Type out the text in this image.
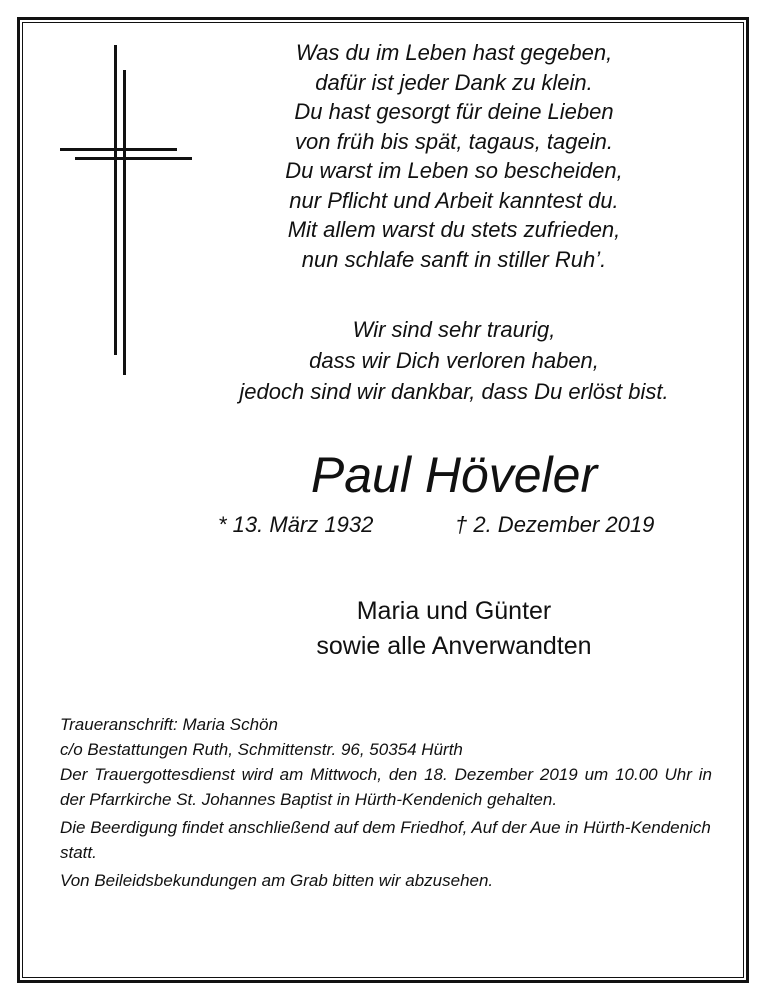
Was du im Leben hast gegeben,
dafür ist jeder Dank zu klein.
Du hast gesorgt für deine Lieben
von früh bis spät, tagaus, tagein.
Du warst im Leben so bescheiden,
nur Pflicht und Arbeit kanntest du.
Mit allem warst du stets zufrieden,
nun schlafe sanft in stiller Ruh’.
Wir sind sehr traurig,
dass wir Dich verloren haben,
jedoch sind wir dankbar, dass Du erlöst bist.
Paul Höveler
* 13. März 1932	† 2. Dezember 2019
Maria und Günter
sowie alle Anverwandten

Traueranschrift: Maria Schön
c/o Bestattungen Ruth, Schmittenstr. 96, 50354 Hürth

Der Trauergottesdienst wird am Mittwoch, den 18. Dezember 2019 um 10.00 Uhr in der Pfarrkirche St. Johannes Baptist in Hürth-Kendenich gehalten.

Die Beerdigung findet anschließend auf dem Friedhof, Auf der Aue in Hürth-Kendenich statt.

Von Beileidsbekundungen am Grab bitten wir abzusehen.
